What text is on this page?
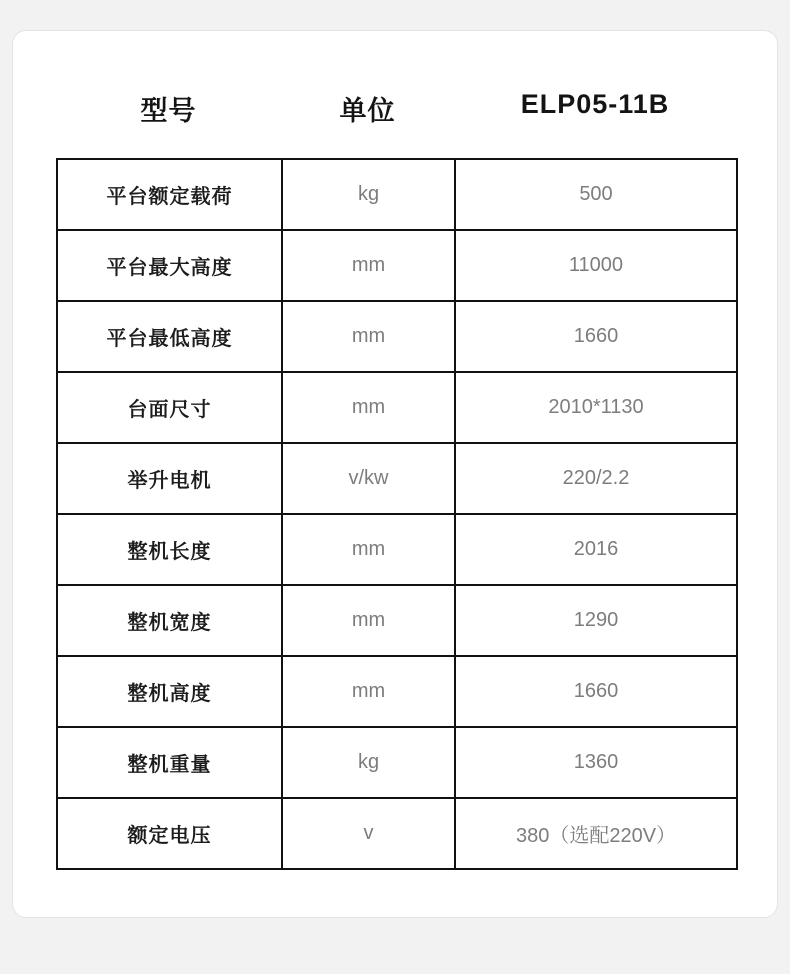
型号	单位	ELP05-11B
平台额定载荷	kg	500
平台最大高度	mm	11000
平台最低高度	mm	1660
台面尺寸	mm	2010*1130
举升电机	v/kw	220/2.2
整机长度	mm	2016
整机宽度	mm	1290
整机高度	mm	1660
整机重量	kg	1360
额定电压	v	380（选配220V）
